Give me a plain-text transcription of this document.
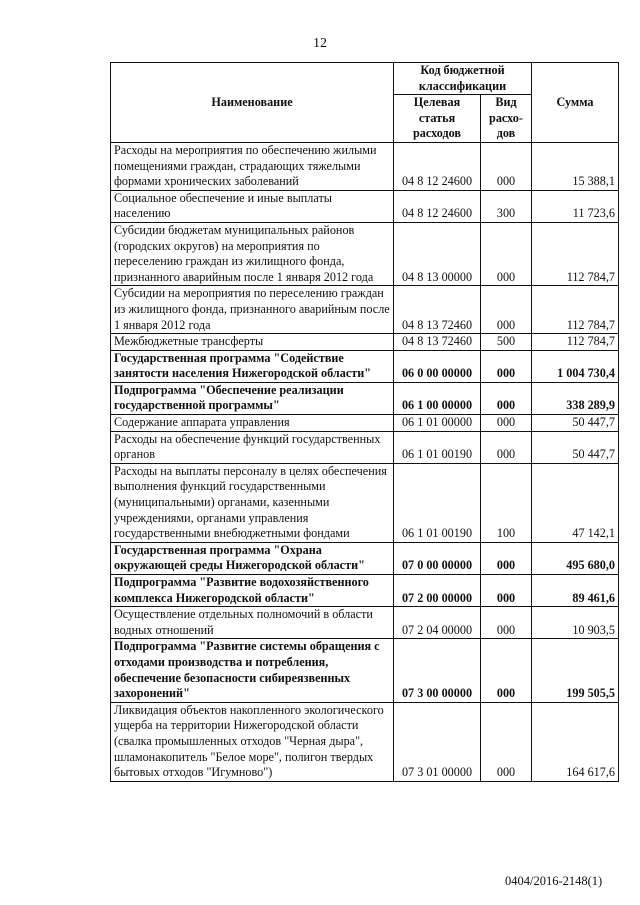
12
Наименование	Код бюджетной классификации		Сумма
	Целевая статья расходов	Вид расхо-дов	
Расходы на мероприятия по обеспечению жилыми помещениями граждан, страдающих тяжелыми формами хронических заболеваний	04 8 12 24600	000	15 388,1
Социальное обеспечение и иные выплаты населению	04 8 12 24600	300	11 723,6
Субсидии бюджетам муниципальных районов (городских округов) на мероприятия по переселению граждан из жилищного фонда, признанного аварийным после 1 января 2012 года	04 8 13 00000	000	112 784,7
Субсидии на мероприятия по переселению граждан из жилищного фонда, признанного аварийным после 1 января 2012 года	04 8 13 72460	000	112 784,7
Межбюджетные трансферты	04 8 13 72460	500	112 784,7
Государственная программа "Содействие занятости населения Нижегородской области"	06 0 00 00000	000	1 004 730,4
Подпрограмма "Обеспечение реализации государственной программы"	06 1 00 00000	000	338 289,9
Содержание аппарата управления	06 1 01 00000	000	50 447,7
Расходы на обеспечение функций государственных органов	06 1 01 00190	000	50 447,7
Расходы на выплаты персоналу в целях обеспечения выполнения функций государственными (муниципальными) органами, казенными учреждениями, органами управления государственными внебюджетными фондами	06 1 01 00190	100	47 142,1
Государственная программа "Охрана окружающей среды Нижегородской области"	07 0 00 00000	000	495 680,0
Подпрограмма "Развитие водохозяйственного комплекса Нижегородской области"	07 2 00 00000	000	89 461,6
Осуществление отдельных полномочий в области водных отношений	07 2 04 00000	000	10 903,5
Подпрограмма "Развитие системы обращения с отходами производства и потребления, обеспечение безопасности сибиреязвенных захоронений"	07 3 00 00000	000	199 505,5
Ликвидация объектов накопленного экологического ущерба на территории Нижегородской области (свалка промышленных отходов "Черная дыра", шламонакопитель "Белое море", полигон твердых бытовых отходов "Игумново")	07 3 01 00000	000	164 617,6
0404/2016-2148(1)
